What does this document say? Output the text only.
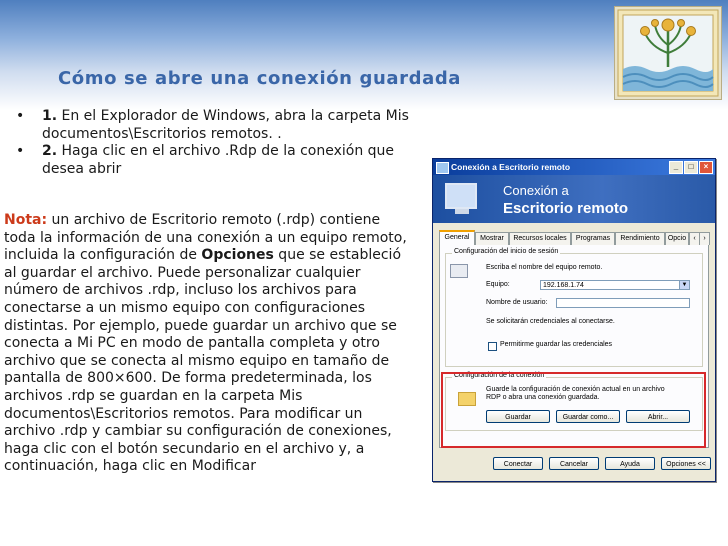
Cómo se abre una conexión guardada
• 1. En el Explorador de Windows, abra la carpeta Mis documentos\Escritorios remotos. .
• 2. Haga clic en el archivo .Rdp de la conexión que desea abrir
Nota: un archivo de Escritorio remoto (.rdp) contiene toda la información de una conexión a un equipo remoto, incluida la configuración de Opciones que se estableció al guardar el archivo. Puede personalizar cualquier número de archivos .rdp, incluso los archivos para conectarse a un mismo equipo con configuraciones distintas. Por ejemplo, puede guardar un archivo que se conecta a Mi PC en modo de pantalla completa y otro archivo que se conecta al mismo equipo en tamaño de pantalla de 800×600. De forma predeterminada, los archivos .rdp se guardan en la carpeta Mis documentos\Escritorios remotos. Para modificar un archivo .rdp y cambiar su configuración de conexiones, haga clic con el botón secundario en el archivo y, a continuación, haga clic en Modificar
Conexión a Escritorio remoto	_	□	×
Conexión a
Escritorio remoto
General	Mostrar	Recursos locales	Programas	Rendimiento	Opcio	‹	›
Configuración del inicio de sesión
Escriba el nombre del equipo remoto.
Equipo:	192.168.1.74	▼
Nombre de usuario:
Se solicitarán credenciales al conectarse.
Permitirme guardar las credenciales
Configuración de la conexión
Guarde la configuración de conexión actual en un archivo
RDP o abra una conexión guardada.
Guardar	Guardar como...	Abrir...
Conectar	Cancelar	Ayuda	Opciones <<
